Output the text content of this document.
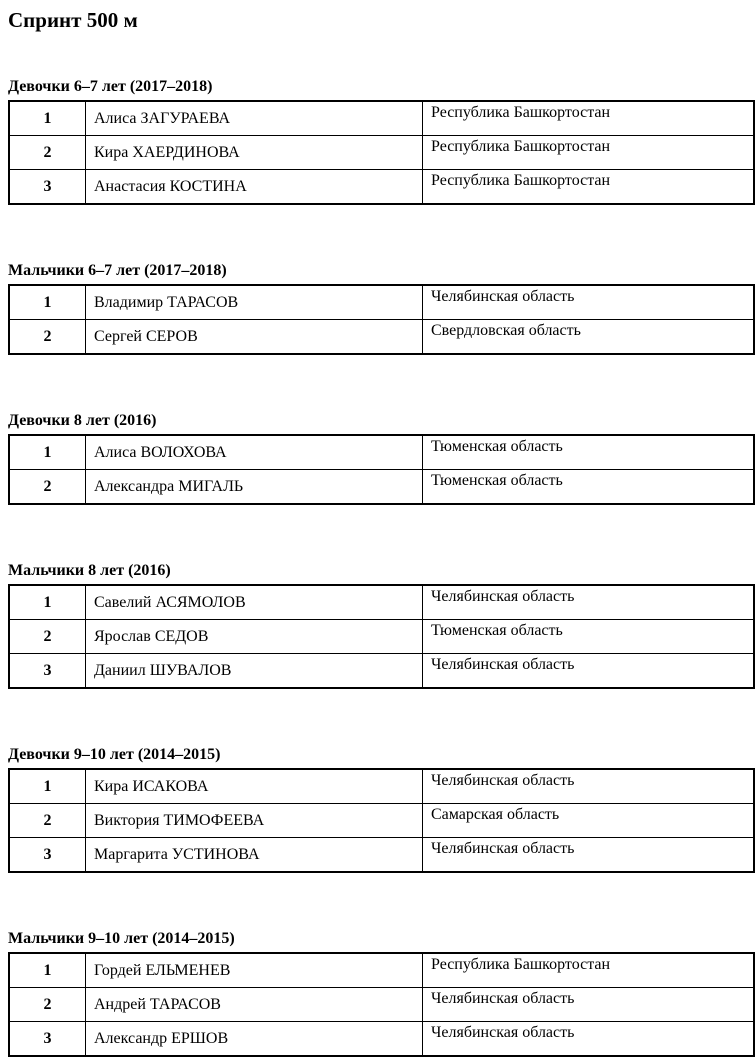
Спринт 500 м
Девочки 6–7 лет (2017–2018)
1	Алиса ЗАГУРАЕВА	Республика Башкортостан
2	Кира ХАЕРДИНОВА	Республика Башкортостан
3	Анастасия КОСТИНА	Республика Башкортостан
Мальчики 6–7 лет (2017–2018)
1	Владимир ТАРАСОВ	Челябинская область
2	Сергей СЕРОВ	Свердловская область
Девочки 8 лет (2016)
1	Алиса ВОЛОХОВА	Тюменская область
2	Александра МИГАЛЬ	Тюменская область
Мальчики 8 лет (2016)
1	Савелий АСЯМОЛОВ	Челябинская область
2	Ярослав СЕДОВ	Тюменская область
3	Даниил ШУВАЛОВ	Челябинская область
Девочки 9–10 лет (2014–2015)
1	Кира ИСАКОВА	Челябинская область
2	Виктория ТИМОФЕЕВА	Самарская область
3	Маргарита УСТИНОВА	Челябинская область
Мальчики 9–10 лет (2014–2015)
1	Гордей ЕЛЬМЕНЕВ	Республика Башкортостан
2	Андрей ТАРАСОВ	Челябинская область
3	Александр ЕРШОВ	Челябинская область
